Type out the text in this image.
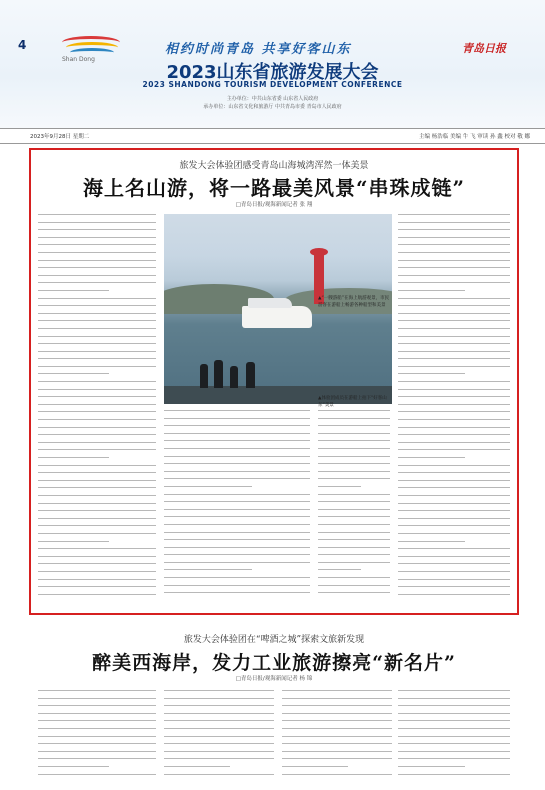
4
Shan Dong
相约时尚青岛 共享好客山东	青岛日报
2023山东省旅游发展大会
2023 SHANDONG TOURISM DEVELOPMENT CONFERENCE
主办单位：中共山东省委 山东省人民政府
承办单位：山东省文化和旅游厅 中共青岛市委 青岛市人民政府
2023年9月28日 星期二	主编 杨浩临 美编 牛 飞 审读 孙 鑫 校对 敬 娜
旅发大会体验团感受青岛山海城湾浑然一体美景
海上名山游，将一路最美风景“串珠成链”
□青岛日报/观海新闻记者 张 翔
▲“一艘游船”在海上航游观景，市民游客在游船上畅游各种船型和美景
▲体验团成员在游船上拍下“好客山东”美景
旅发大会体验团在“啤酒之城”探索文旅新发现
醉美西海岸，发力工业旅游擦亮“新名片”
□青岛日报/观海新闻记者 杨 锦
